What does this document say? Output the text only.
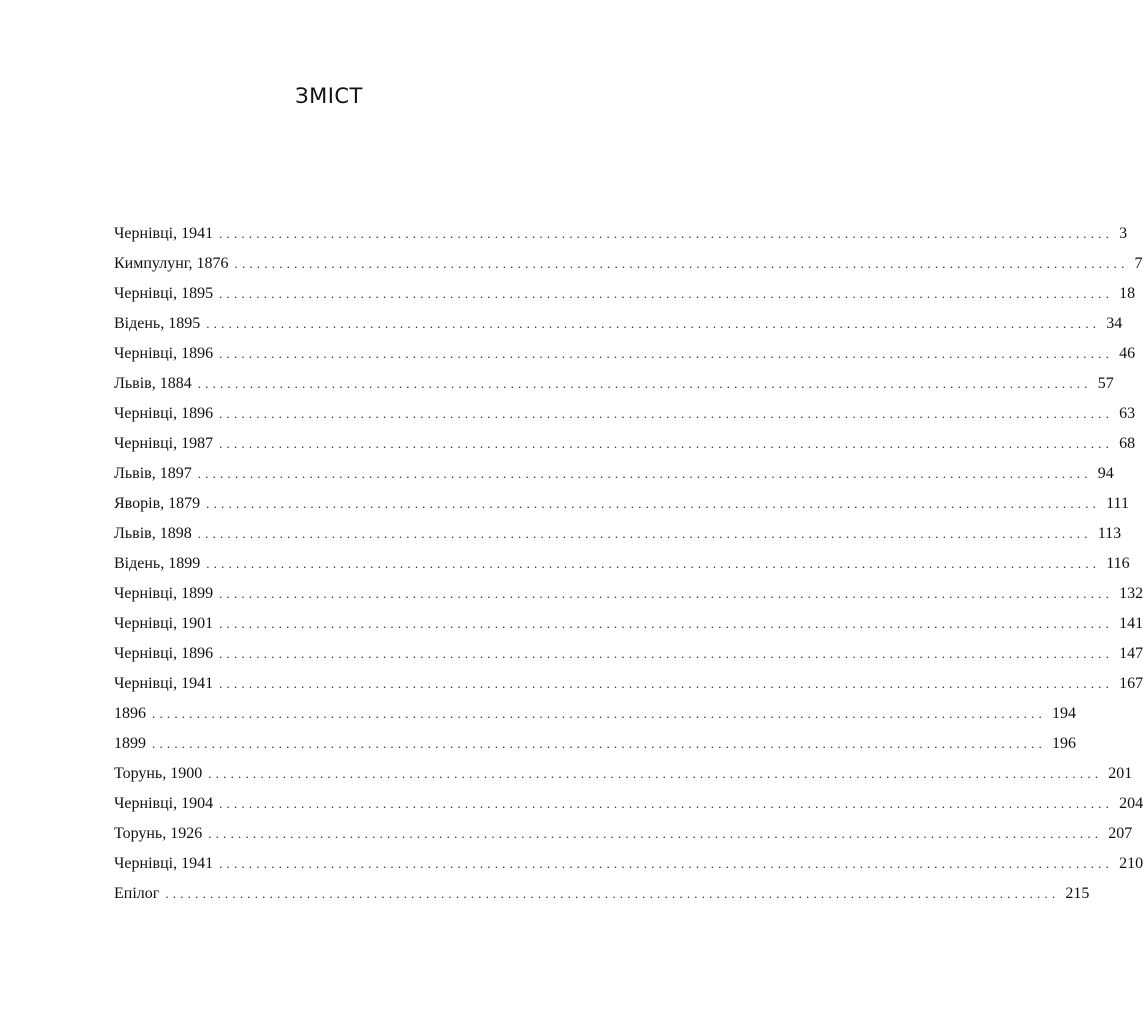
ЗМІСТ
Чернівці, 1941 ........................................................................................................................ 3
Кимпулунг, 1876 ........................................................................................................................ 7
Чернівці, 1895 ........................................................................................................................ 18
Відень, 1895 ........................................................................................................................ 34
Чернівці, 1896 ........................................................................................................................ 46
Львів, 1884 ........................................................................................................................ 57
Чернівці, 1896 ........................................................................................................................ 63
Чернівці, 1987 ........................................................................................................................ 68
Львів, 1897 ........................................................................................................................ 94
Яворів, 1879 ........................................................................................................................ 111
Львів, 1898 ........................................................................................................................ 113
Відень, 1899 ........................................................................................................................ 116
Чернівці, 1899 ........................................................................................................................ 132
Чернівці, 1901 ........................................................................................................................ 141
Чернівці, 1896 ........................................................................................................................ 147
Чернівці, 1941 ........................................................................................................................ 167
1896 ........................................................................................................................ 194
1899 ........................................................................................................................ 196
Торунь, 1900 ........................................................................................................................ 201
Чернівці, 1904 ........................................................................................................................ 204
Торунь, 1926 ........................................................................................................................ 207
Чернівці, 1941 ........................................................................................................................ 210
Епілог ........................................................................................................................ 215
